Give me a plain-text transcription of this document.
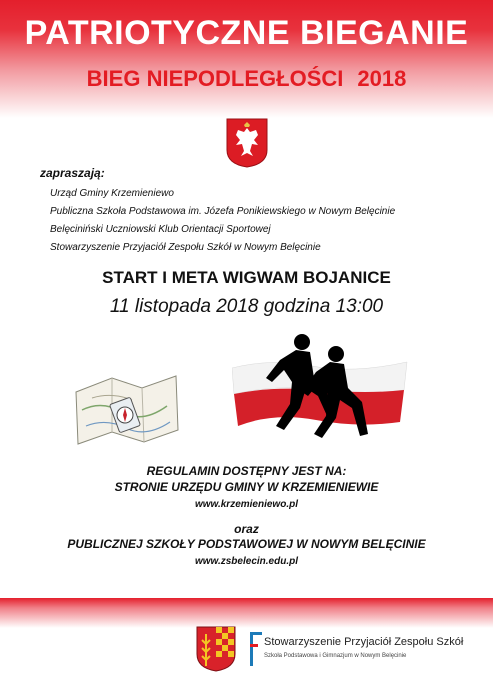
PATRIOTYCZNE BIEGANIE
BIEG NIEPODLEGŁOŚCI 2018
zapraszają:
Urząd Gminy Krzemieniewo
Publiczna Szkoła Podstawowa im. Józefa Ponikiewskiego w Nowym Belęcinie
Belęciniński Uczniowski Klub Orientacji Sportowej
Stowarzyszenie Przyjaciół Zespołu Szkół w Nowym Belęcinie
START I META WIGWAM BOJANICE
11 listopada 2018 godzina 13:00
REGULAMIN DOSTĘPNY JEST NA:
STRONIE URZĘDU GMINY W KRZEMIENIEWIE
www.krzemieniewo.pl
oraz
PUBLICZNEJ SZKOŁY PODSTAWOWEJ W NOWYM BELĘCINIE
www.zsbelecin.edu.pl
Stowarzyszenie Przyjaciół Zespołu Szkół
Szkoła Podstawowa i Gimnazjum w Nowym Belęcinie
